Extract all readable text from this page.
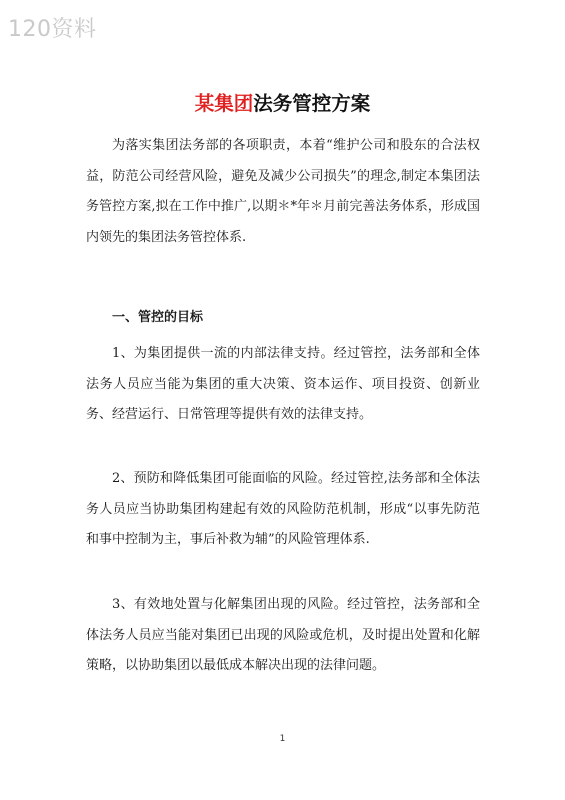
120资料
某集团法务管控方案

为落实集团法务部的各项职责，本着“维护公司和股东的合法权益，防范公司经营风险，避免及减少公司损失”的理念,制定本集团法务管控方案,拟在工作中推广,以期＊*年＊月前完善法务体系，形成国内领先的集团法务管控体系.

一、管控的目标

1、为集团提供一流的内部法律支持。经过管控，法务部和全体法务人员应当能为集团的重大决策、资本运作、项目投资、创新业务、经营运行、日常管理等提供有效的法律支持。

2、预防和降低集团可能面临的风险。经过管控,法务部和全体法务人员应当协助集团构建起有效的风险防范机制，形成“以事先防范和事中控制为主，事后补救为辅”的风险管理体系.

3、有效地处置与化解集团出现的风险。经过管控，法务部和全体法务人员应当能对集团已出现的风险或危机，及时提出处置和化解策略，以协助集团以最低成本解决出现的法律问题。

1
